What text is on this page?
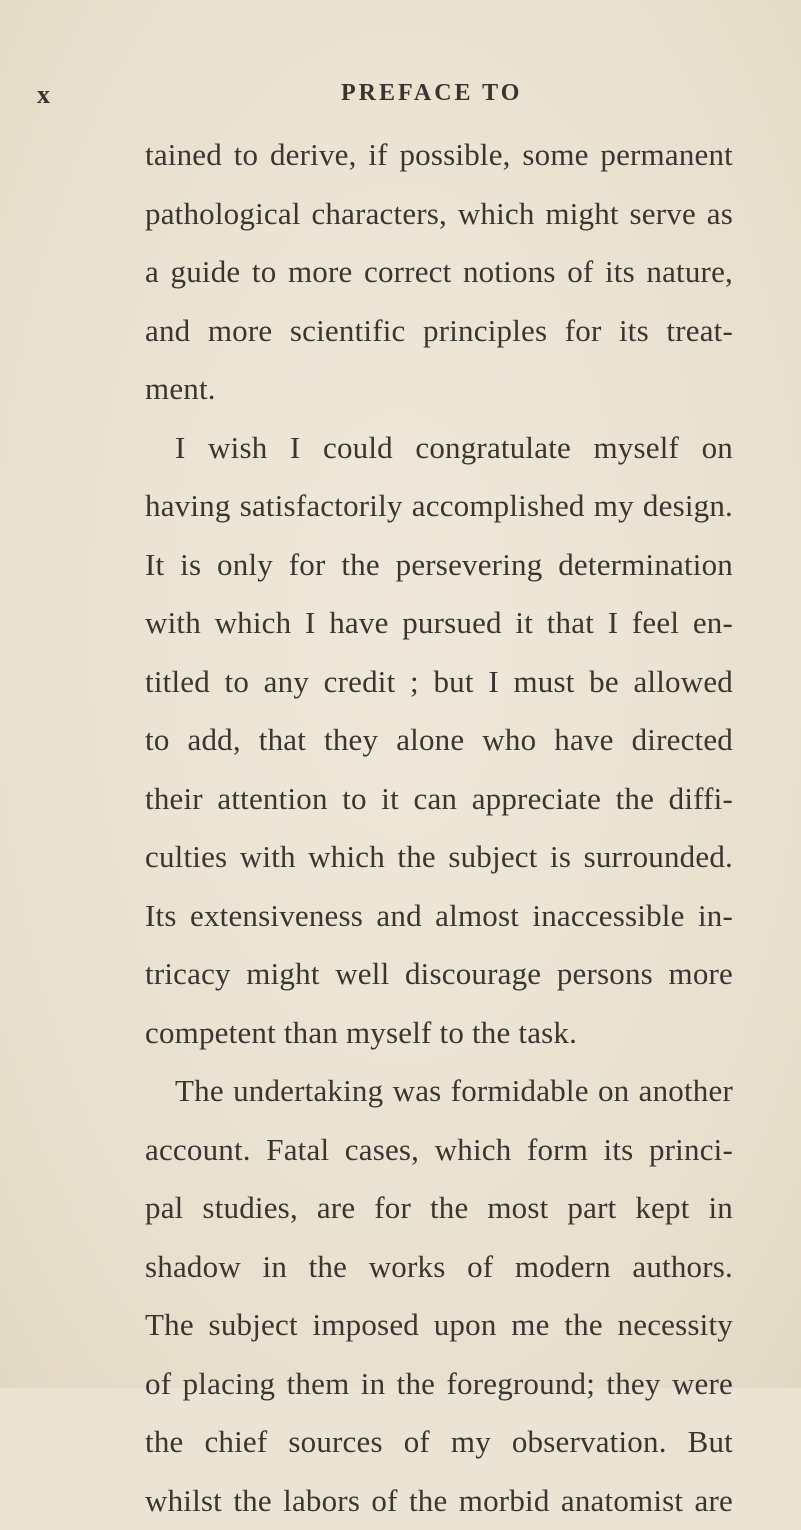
x	PREFACE TO
tained to derive, if possible, some permanent
pathological characters, which might serve as
a guide to more correct notions of its nature,
and more scientific principles for its treat-
ment.
I wish I could congratulate myself on
having satisfactorily accomplished my design.
It is only for the persevering determination
with which I have pursued it that I feel en-
titled to any credit ; but I must be allowed
to add, that they alone who have directed
their attention to it can appreciate the diffi-
culties with which the subject is surrounded.
Its extensiveness and almost inaccessible in-
tricacy might well discourage persons more
competent than myself to the task.
The undertaking was formidable on another
account. Fatal cases, which form its princi-
pal studies, are for the most part kept in
shadow in the works of modern authors.
The subject imposed upon me the necessity
of placing them in the foreground; they were
the chief sources of my observation. But
whilst the labors of the morbid anatomist are
